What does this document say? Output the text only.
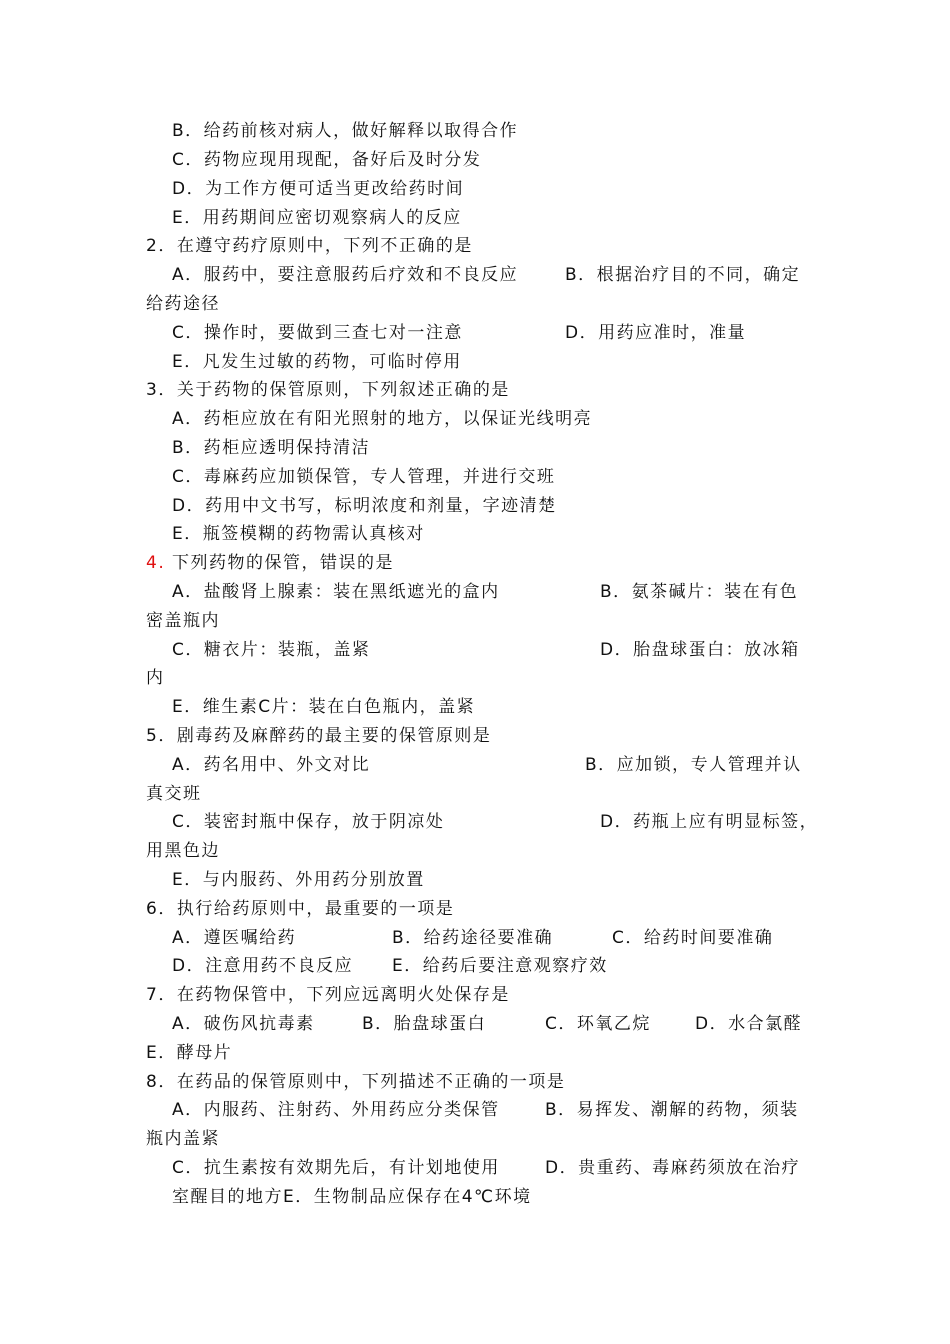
B．给药前核对病人，做好解释以取得合作
C．药物应现用现配，备好后及时分发
D．为工作方便可适当更改给药时间
E．用药期间应密切观察病人的反应
2．在遵守药疗原则中，下列不正确的是
A．服药中，要注意服药后疗效和不良反应	B．根据治疗目的不同，确定
给药途径
C．操作时，要做到三查七对一注意	D．用药应准时，准量
E．凡发生过敏的药物，可临时停用
3．关于药物的保管原则，下列叙述正确的是
A．药柜应放在有阳光照射的地方，以保证光线明亮
B．药柜应透明保持清洁
C．毒麻药应加锁保管，专人管理，并进行交班
D．药用中文书写，标明浓度和剂量，字迹清楚
E．瓶签模糊的药物需认真核对
4. 下列药物的保管，错误的是
A．盐酸肾上腺素：装在黑纸遮光的盒内	B．氨茶碱片：装在有色
密盖瓶内
C．糖衣片：装瓶，盖紧	D．胎盘球蛋白：放冰箱
内
E．维生素C片：装在白色瓶内，盖紧
5．剧毒药及麻醉药的最主要的保管原则是
A．药名用中、外文对比	B．应加锁，专人管理并认
真交班
C．装密封瓶中保存，放于阴凉处	D．药瓶上应有明显标签，
用黑色边
E．与内服药、外用药分别放置
6．执行给药原则中，最重要的一项是
A．遵医嘱给药	B．给药途径要准确	C．给药时间要准确
D．注意用药不良反应 E．给药后要注意观察疗效
7．在药物保管中，下列应远离明火处保存是
A．破伤风抗毒素	B．胎盘球蛋白	C．环氧乙烷	D．水合氯醛
E．酵母片
8．在药品的保管原则中，下列描述不正确的一项是
A．内服药、注射药、外用药应分类保管	B．易挥发、潮解的药物，须装
瓶内盖紧
C．抗生素按有效期先后，有计划地使用	D．贵重药、毒麻药须放在治疗
室醒目的地方E．生物制品应保存在4℃环境
